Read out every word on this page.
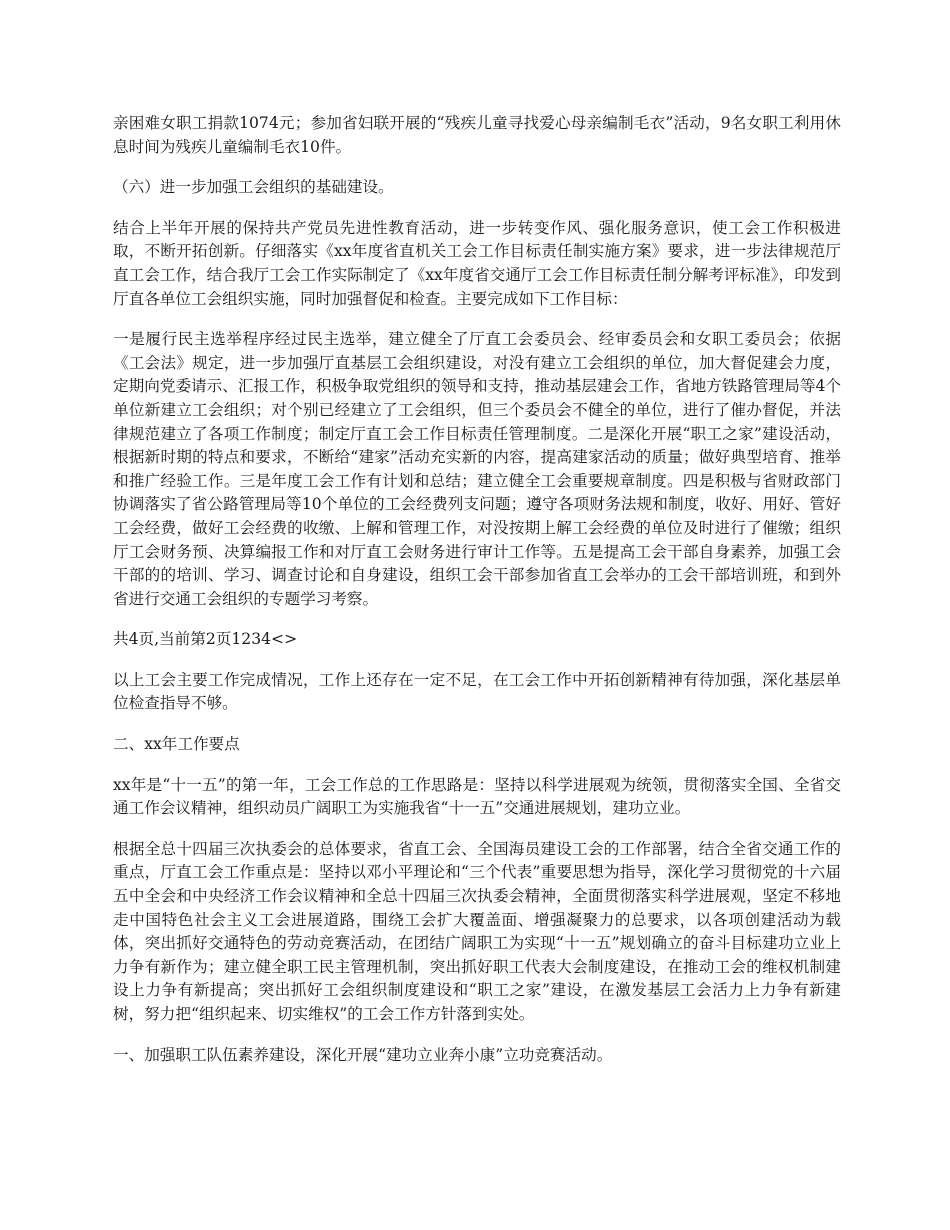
亲困难女职工捐款1074元；参加省妇联开展的“残疾儿童寻找爱心母亲编制毛衣”活动，9名女职工利用休息时间为残疾儿童编制毛衣10件。

（六）进一步加强工会组织的基础建设。

结合上半年开展的保持共产党员先进性教育活动，进一步转变作风、强化服务意识，使工会工作积极进取，不断开拓创新。仔细落实《xx年度省直机关工会工作目标责任制实施方案》要求，进一步法律规范厅直工会工作，结合我厅工会工作实际制定了《xx年度省交通厅工会工作目标责任制分解考评标准》，印发到厅直各单位工会组织实施，同时加强督促和检查。主要完成如下工作目标：

一是履行民主选举程序经过民主选举，建立健全了厅直工会委员会、经审委员会和女职工委员会；依据《工会法》规定，进一步加强厅直基层工会组织建设，对没有建立工会组织的单位，加大督促建会力度，定期向党委请示、汇报工作，积极争取党组织的领导和支持，推动基层建会工作，省地方铁路管理局等4个单位新建立工会组织；对个别已经建立了工会组织，但三个委员会不健全的单位，进行了催办督促，并法律规范建立了各项工作制度；制定厅直工会工作目标责任管理制度。二是深化开展“职工之家”建设活动，根据新时期的特点和要求，不断给“建家”活动充实新的内容，提高建家活动的质量；做好典型培育、推举和推广经验工作。三是年度工会工作有计划和总结；建立健全工会重要规章制度。四是积极与省财政部门协调落实了省公路管理局等10个单位的工会经费列支问题；遵守各项财务法规和制度，收好、用好、管好工会经费，做好工会经费的收缴、上解和管理工作，对没按期上解工会经费的单位及时进行了催缴；组织厅工会财务预、决算编报工作和对厅直工会财务进行审计工作等。五是提高工会干部自身素养，加强工会干部的的培训、学习、调查讨论和自身建设，组织工会干部参加省直工会举办的工会干部培训班，和到外省进行交通工会组织的专题学习考察。

共4页,当前第2页1234<>

以上工会主要工作完成情况，工作上还存在一定不足，在工会工作中开拓创新精神有待加强，深化基层单位检查指导不够。

二、xx年工作要点

xx年是“十一五”的第一年，工会工作总的工作思路是：坚持以科学进展观为统领，贯彻落实全国、全省交通工作会议精神，组织动员广阔职工为实施我省“十一五”交通进展规划，建功立业。

根据全总十四届三次执委会的总体要求，省直工会、全国海员建设工会的工作部署，结合全省交通工作的重点，厅直工会工作重点是：坚持以邓小平理论和“三个代表”重要思想为指导，深化学习贯彻党的十六届五中全会和中央经济工作会议精神和全总十四届三次执委会精神，全面贯彻落实科学进展观，坚定不移地走中国特色社会主义工会进展道路，围绕工会扩大覆盖面、增强凝聚力的总要求，以各项创建活动为载体，突出抓好交通特色的劳动竞赛活动，在团结广阔职工为实现“十一五”规划确立的奋斗目标建功立业上力争有新作为；建立健全职工民主管理机制，突出抓好职工代表大会制度建设，在推动工会的维权机制建设上力争有新提高；突出抓好工会组织制度建设和“职工之家”建设，在激发基层工会活力上力争有新建树，努力把“组织起来、切实维权”的工会工作方针落到实处。

一、加强职工队伍素养建设，深化开展“建功立业奔小康”立功竞赛活动。
